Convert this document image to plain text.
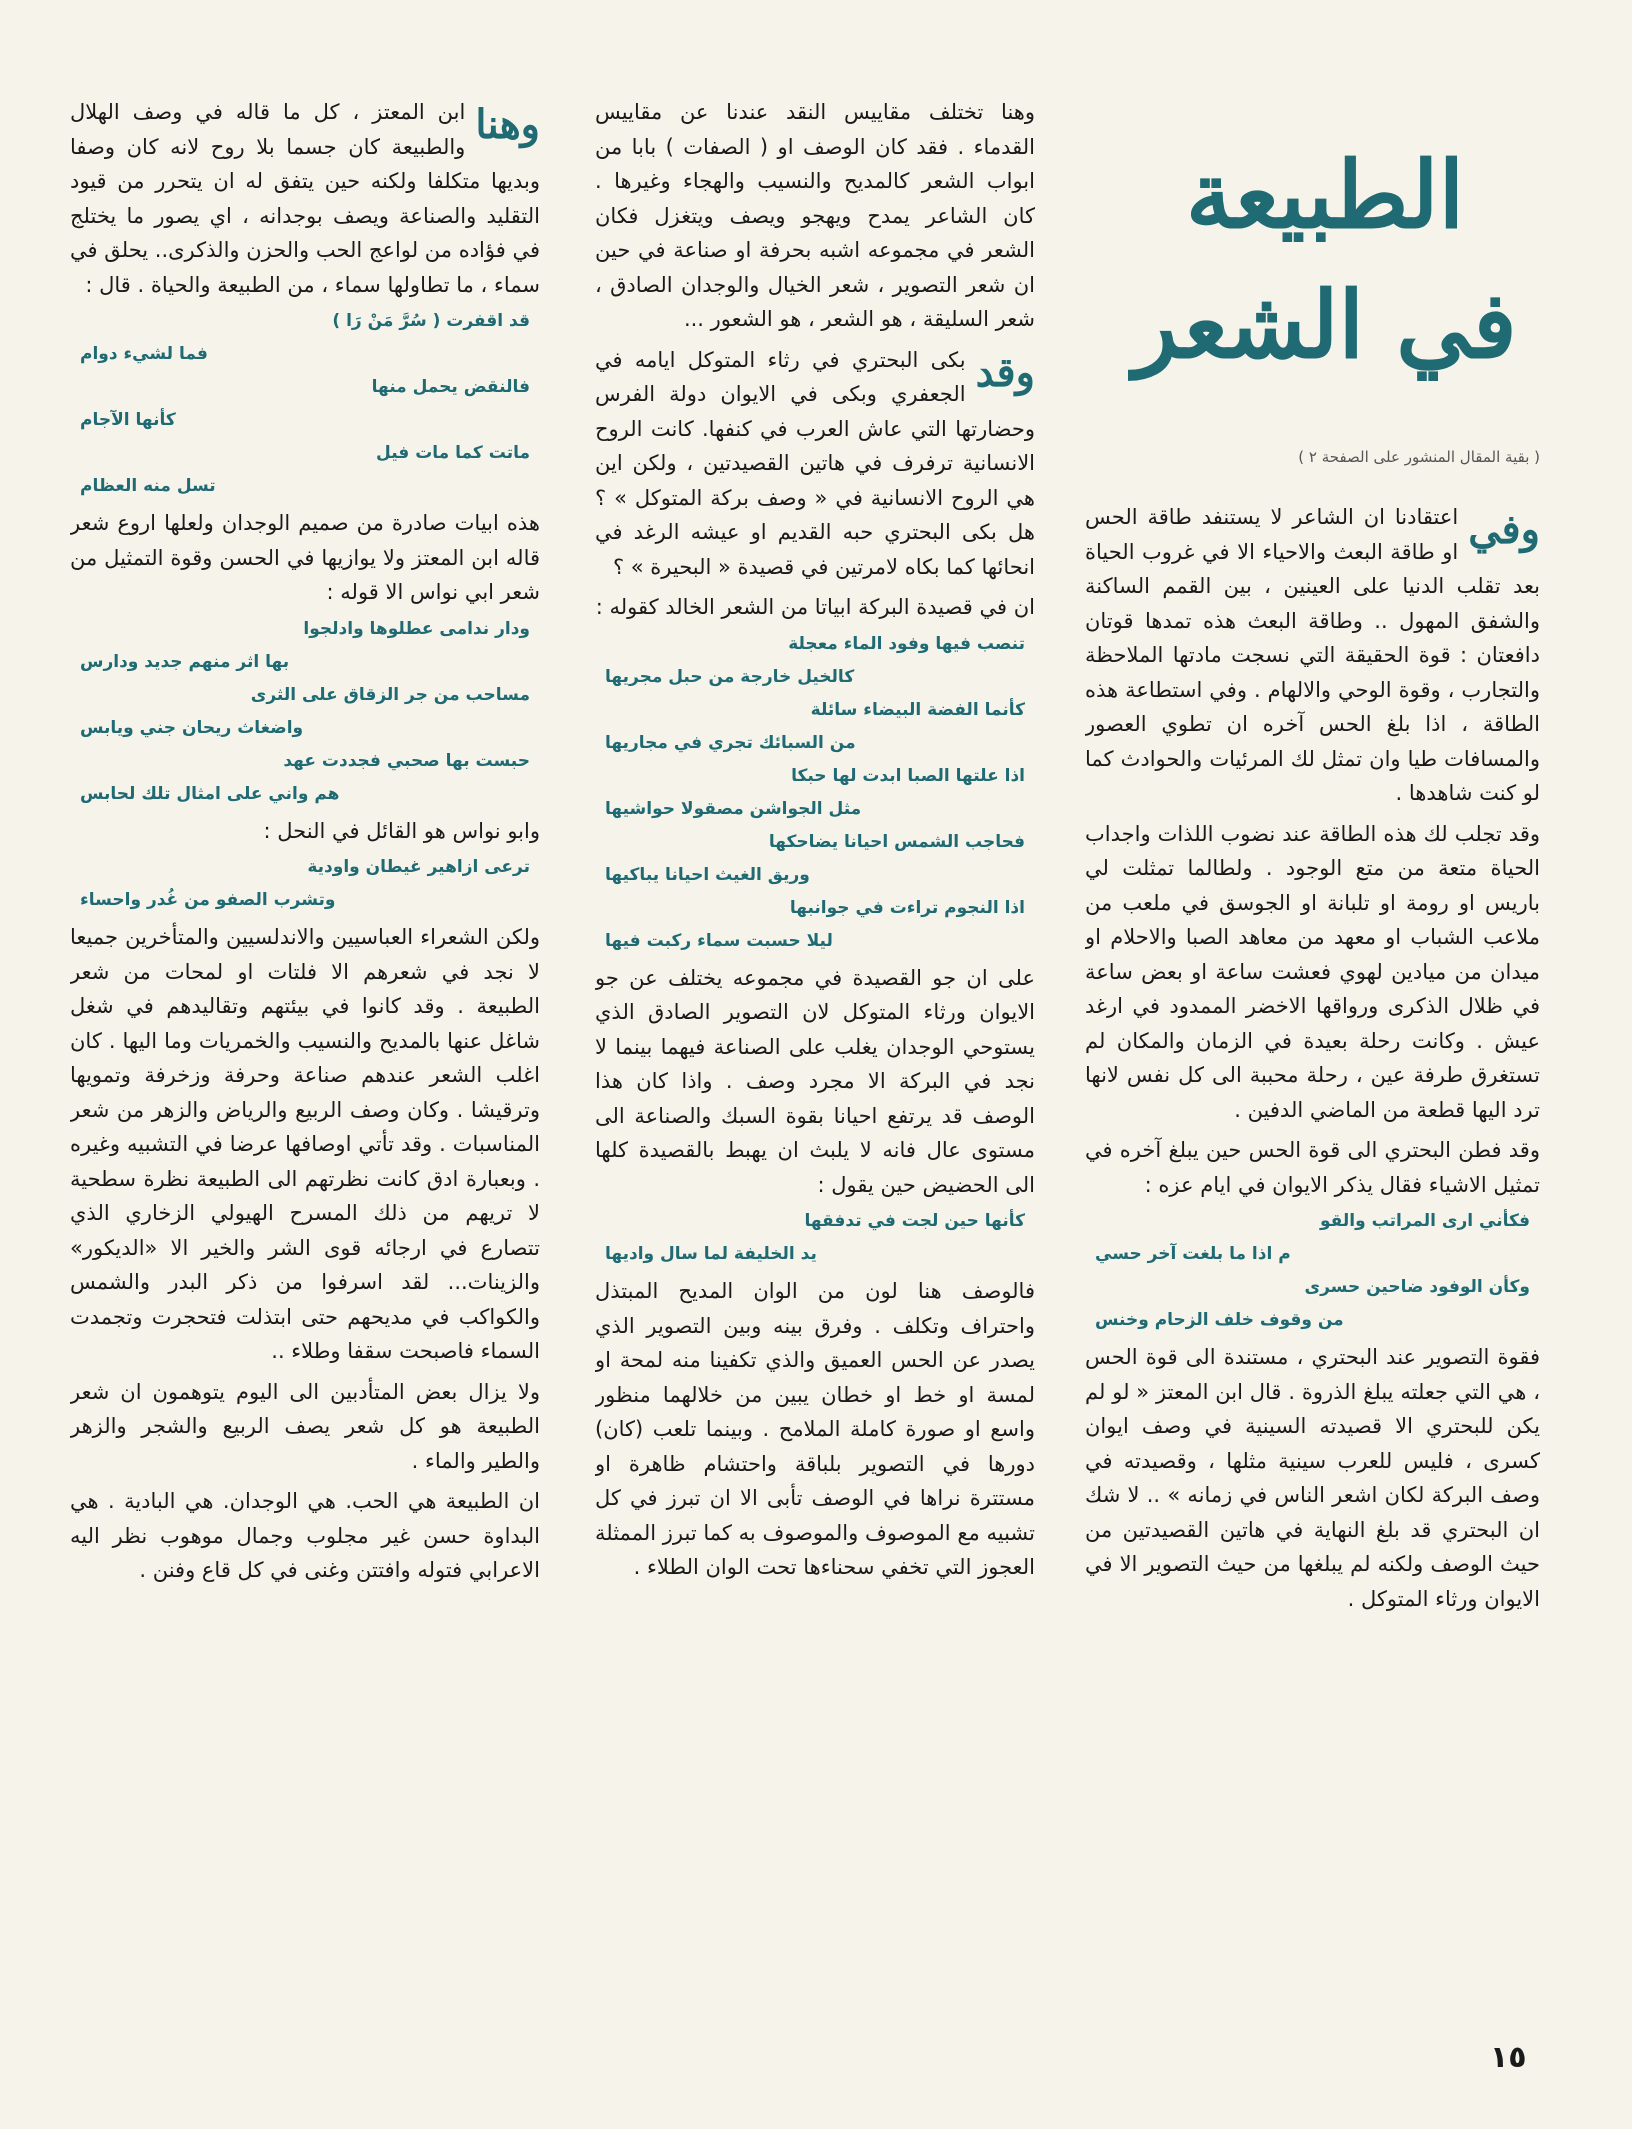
الطبيعة
في الشعر
( بقية المقال المنشور على الصفحة ٢ )
وفي

اعتقادنا ان الشاعر لا يستنفد طاقة الحس او طاقة البعث والاحياء الا في غروب الحياة بعد تقلب الدنيا على العينين ، بين القمم الساكنة والشفق المهول .. وطاقة البعث هذه تمدها قوتان دافعتان : قوة الحقيقة التي نسجت مادتها الملاحظة والتجارب ، وقوة الوحي والالهام . وفي استطاعة هذه الطاقة ، اذا بلغ الحس آخره ان تطوي العصور والمسافات طيا وان تمثل لك المرئيات والحوادث كما لو كنت شاهدها .

وقد تجلب لك هذه الطاقة عند نضوب اللذات واجداب الحياة متعة من متع الوجود . ولطالما تمثلت لي باريس او رومة او تلبانة او الجوسق في ملعب من ملاعب الشباب او معهد من معاهد الصبا والاحلام او ميدان من ميادين لهوي فعشت ساعة او بعض ساعة في ظلال الذكرى ورواقها الاخضر الممدود في ارغد عيش . وكانت رحلة بعيدة في الزمان والمكان لم تستغرق طرفة عين ، رحلة محببة الى كل نفس لانها ترد اليها قطعة من الماضي الدفين .

وقد فطن البحتري الى قوة الحس حين يبلغ آخره في تمثيل الاشياء فقال يذكر الايوان في ايام عزه :

فكأني ارى المراتب والقو

م اذا ما بلغت آخر حسي

وكأن الوفود ضاحين حسرى

من وقوف خلف الزحام وخنس

فقوة التصوير عند البحتري ، مستندة الى قوة الحس ، هي التي جعلته يبلغ الذروة . قال ابن المعتز « لو لم يكن للبحتري الا قصيدته السينية في وصف ايوان كسرى ، فليس للعرب سينية مثلها ، وقصيدته في وصف البركة لكان اشعر الناس في زمانه » .. لا شك ان البحتري قد بلغ النهاية في هاتين القصيدتين من حيث الوصف ولكنه لم يبلغها من حيث التصوير الا في الايوان ورثاء المتوكل .

وهنا تختلف مقاييس النقد عندنا عن مقاييس القدماء . فقد كان الوصف او ( الصفات ) بابا من ابواب الشعر كالمديح والنسيب والهجاء وغيرها . كان الشاعر يمدح ويهجو ويصف ويتغزل فكان الشعر في مجموعه اشبه بحرفة او صناعة في حين ان شعر التصوير ، شعر الخيال والوجدان الصادق ، شعر السليقة ، هو الشعر ، هو الشعور ...

وقد

بكى البحتري في رثاء المتوكل ايامه في الجعفري وبكى في الايوان دولة الفرس وحضارتها التي عاش العرب في كنفها. كانت الروح الانسانية ترفرف في هاتين القصيدتين ، ولكن اين هي الروح الانسانية في « وصف بركة المتوكل » ؟ هل بكى البحتري حبه القديم او عيشه الرغد في انحائها كما بكاه لامرتين في قصيدة « البحيرة » ؟

ان في قصيدة البركة ابياتا من الشعر الخالد كقوله :

تنصب فيها وفود الماء معجلة

كالخيل خارجة من حبل مجريها

كأنما الفضة البيضاء سائلة

من السبائك تجري في مجاريها

اذا علتها الصبا ابدت لها حبكا

مثل الجواشن مصقولا حواشيها

فحاجب الشمس احيانا يضاحكها

وريق الغيث احيانا يباكيها

اذا النجوم تراءت في جوانبها

ليلا حسبت سماء ركبت فيها

على ان جو القصيدة في مجموعه يختلف عن جو الايوان ورثاء المتوكل لان التصوير الصادق الذي يستوحي الوجدان يغلب على الصناعة فيهما بينما لا نجد في البركة الا مجرد وصف . واذا كان هذا الوصف قد يرتفع احيانا بقوة السبك والصناعة الى مستوى عال فانه لا يلبث ان يهبط بالقصيدة كلها الى الحضيض حين يقول :

كأنها حين لجت في تدفقها

يد الخليفة لما سال واديها

فالوصف هنا لون من الوان المديح المبتذل واحتراف وتكلف . وفرق بينه وبين التصوير الذي يصدر عن الحس العميق والذي تكفينا منه لمحة او لمسة او خط او خطان يبين من خلالهما منظور واسع او صورة كاملة الملامح . وبينما تلعب (كان) دورها في التصوير بلباقة واحتشام ظاهرة او مستترة نراها في الوصف تأبى الا ان تبرز في كل تشبيه مع الموصوف والموصوف به كما تبرز الممثلة العجوز التي تخفي سحناءها تحت الوان الطلاء .

وهنا

ابن المعتز ، كل ما قاله في وصف الهلال والطبيعة كان جسما بلا روح لانه كان وصفا وبديها متكلفا ولكنه حين يتفق له ان يتحرر من قيود التقليد والصناعة ويصف بوجدانه ، اي يصور ما يختلج في فؤاده من لواعج الحب والحزن والذكرى.. يحلق في سماء ، ما تطاولها سماء ، من الطبيعة والحياة . قال :

قد اقفرت ( سُرَّ مَنْ رَا )

فما لشيء دوام

فالنقض يحمل منها

كأنها الآجام

ماتت كما مات فيل

تسل منه العظام

هذه ابيات صادرة من صميم الوجدان ولعلها اروع شعر قاله ابن المعتز ولا يوازيها في الحسن وقوة التمثيل من شعر ابي نواس الا قوله :

ودار ندامى عطلوها وادلجوا

بها اثر منهم جديد ودارس

مساحب من جر الزقاق على الثرى

واضغاث ريحان جني ويابس

حبست بها صحبي فجددت عهد

هم واني على امثال تلك لحابس

وابو نواس هو القائل في النحل :

ترعى ازاهير غيطان واودية

وتشرب الصفو من غُدر واحساء

ولكن الشعراء العباسيين والاندلسيين والمتأخرين جميعا لا نجد في شعرهم الا فلتات او لمحات من شعر الطبيعة . وقد كانوا في بيئتهم وتقاليدهم في شغل شاغل عنها بالمديح والنسيب والخمريات وما اليها . كان اغلب الشعر عندهم صناعة وحرفة وزخرفة وتمويها وترقيشا . وكان وصف الربيع والرياض والزهر من شعر المناسبات . وقد تأتي اوصافها عرضا في التشبيه وغيره . وبعبارة ادق كانت نظرتهم الى الطبيعة نظرة سطحية لا تريهم من ذلك المسرح الهيولي الزخاري الذي تتصارع في ارجائه قوى الشر والخير الا «الديكور» والزينات... لقد اسرفوا من ذكر البدر والشمس والكواكب في مديحهم حتى ابتذلت فتحجرت وتجمدت السماء فاصبحت سقفا وطلاء ..

ولا يزال بعض المتأدبين الى اليوم يتوهمون ان شعر الطبيعة هو كل شعر يصف الربيع والشجر والزهر والطير والماء .

ان الطبيعة هي الحب. هي الوجدان. هي البادية . هي البداوة حسن غير مجلوب وجمال موهوب نظر اليه الاعرابي فتوله وافتتن وغنى في كل قاع وفنن .

١٥
